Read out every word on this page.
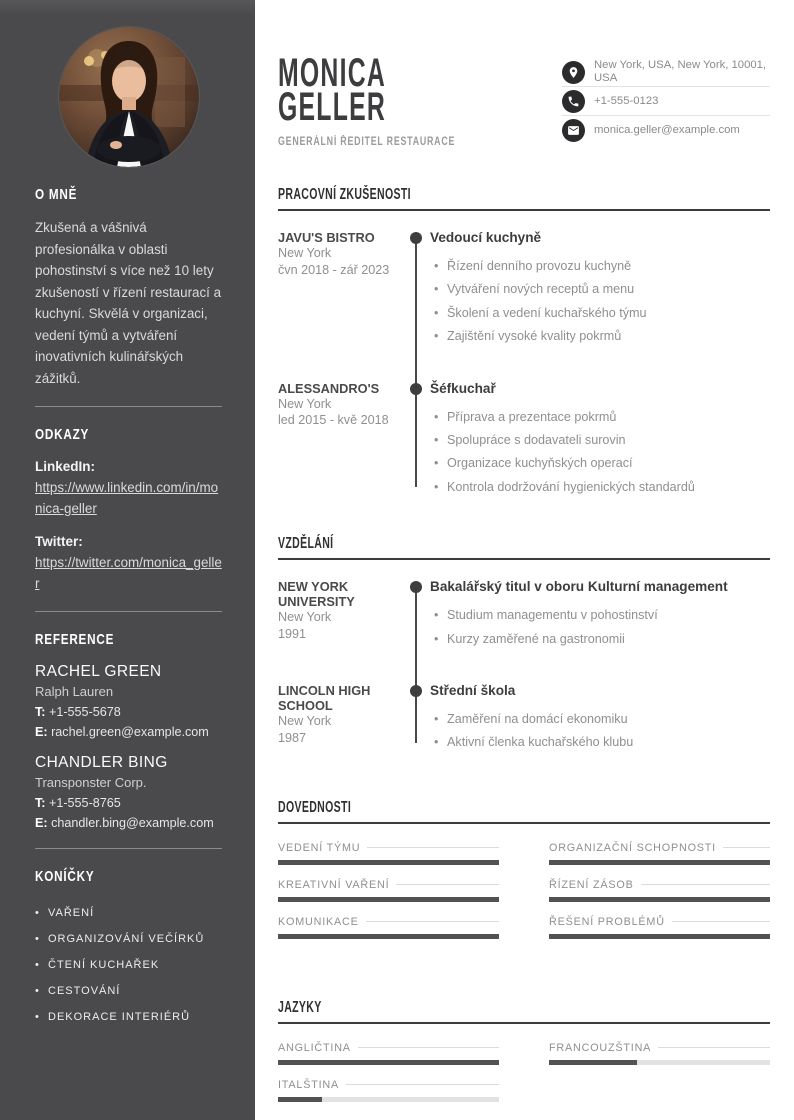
O MNĚ

Zkušená a vášnivá profesionálka v oblasti pohostinství s více než 10 lety zkušeností v řízení restaurací a kuchyní. Skvělá v organizaci, vedení týmů a vytváření inovativních kulinářských zážitků.

ODKAZY
LinkedIn:
https://www.linkedin.com/in/monica-geller
Twitter:
https://twitter.com/monica_geller
REFERENCE
RACHEL GREEN
Ralph Lauren
T: +1-555-5678
E: rachel.green@example.com
CHANDLER BING
Transponster Corp.
T: +1-555-8765
E: chandler.bing@example.com
KONÍČKY
• VAŘENÍ
• ORGANIZOVÁNÍ VEČÍRKŮ
• ČTENÍ KUCHAŘEK
• CESTOVÁNÍ
• DEKORACE INTERIÉRŮ
MONICA
GELLER
GENERÁLNÍ ŘEDITEL RESTAURACE
New York, USA, New York, 10001, USA
+1-555-0123
monica.geller@example.com
PRACOVNÍ ZKUŠENOSTI
JAVU'S BISTRO
New York
čvn 2018 - zář 2023
Vedoucí kuchyně
• Řízení denního provozu kuchyně
• Vytváření nových receptů a menu
• Školení a vedení kuchařského týmu
• Zajištění vysoké kvality pokrmů
ALESSANDRO'S
New York
led 2015 - kvě 2018
Šéfkuchař
• Příprava a prezentace pokrmů
• Spolupráce s dodavateli surovin
• Organizace kuchyňských operací
• Kontrola dodržování hygienických standardů
VZDĚLÁNÍ
NEW YORK UNIVERSITY
New York
1991
Bakalářský titul v oboru Kulturní management
• Studium managementu v pohostinství
• Kurzy zaměřené na gastronomii
LINCOLN HIGH SCHOOL
New York
1987
Střední škola
• Zaměření na domácí ekonomiku
• Aktivní členka kuchařského klubu
DOVEDNOSTI
VEDENÍ TÝMU	ORGANIZAČNÍ SCHOPNOSTI
KREATIVNÍ VAŘENÍ	ŘÍZENÍ ZÁSOB
KOMUNIKACE	ŘEŠENÍ PROBLÉMŮ
JAZYKY
ANGLIČTINA	FRANCOUZŠTINA
ITALŠTINA
